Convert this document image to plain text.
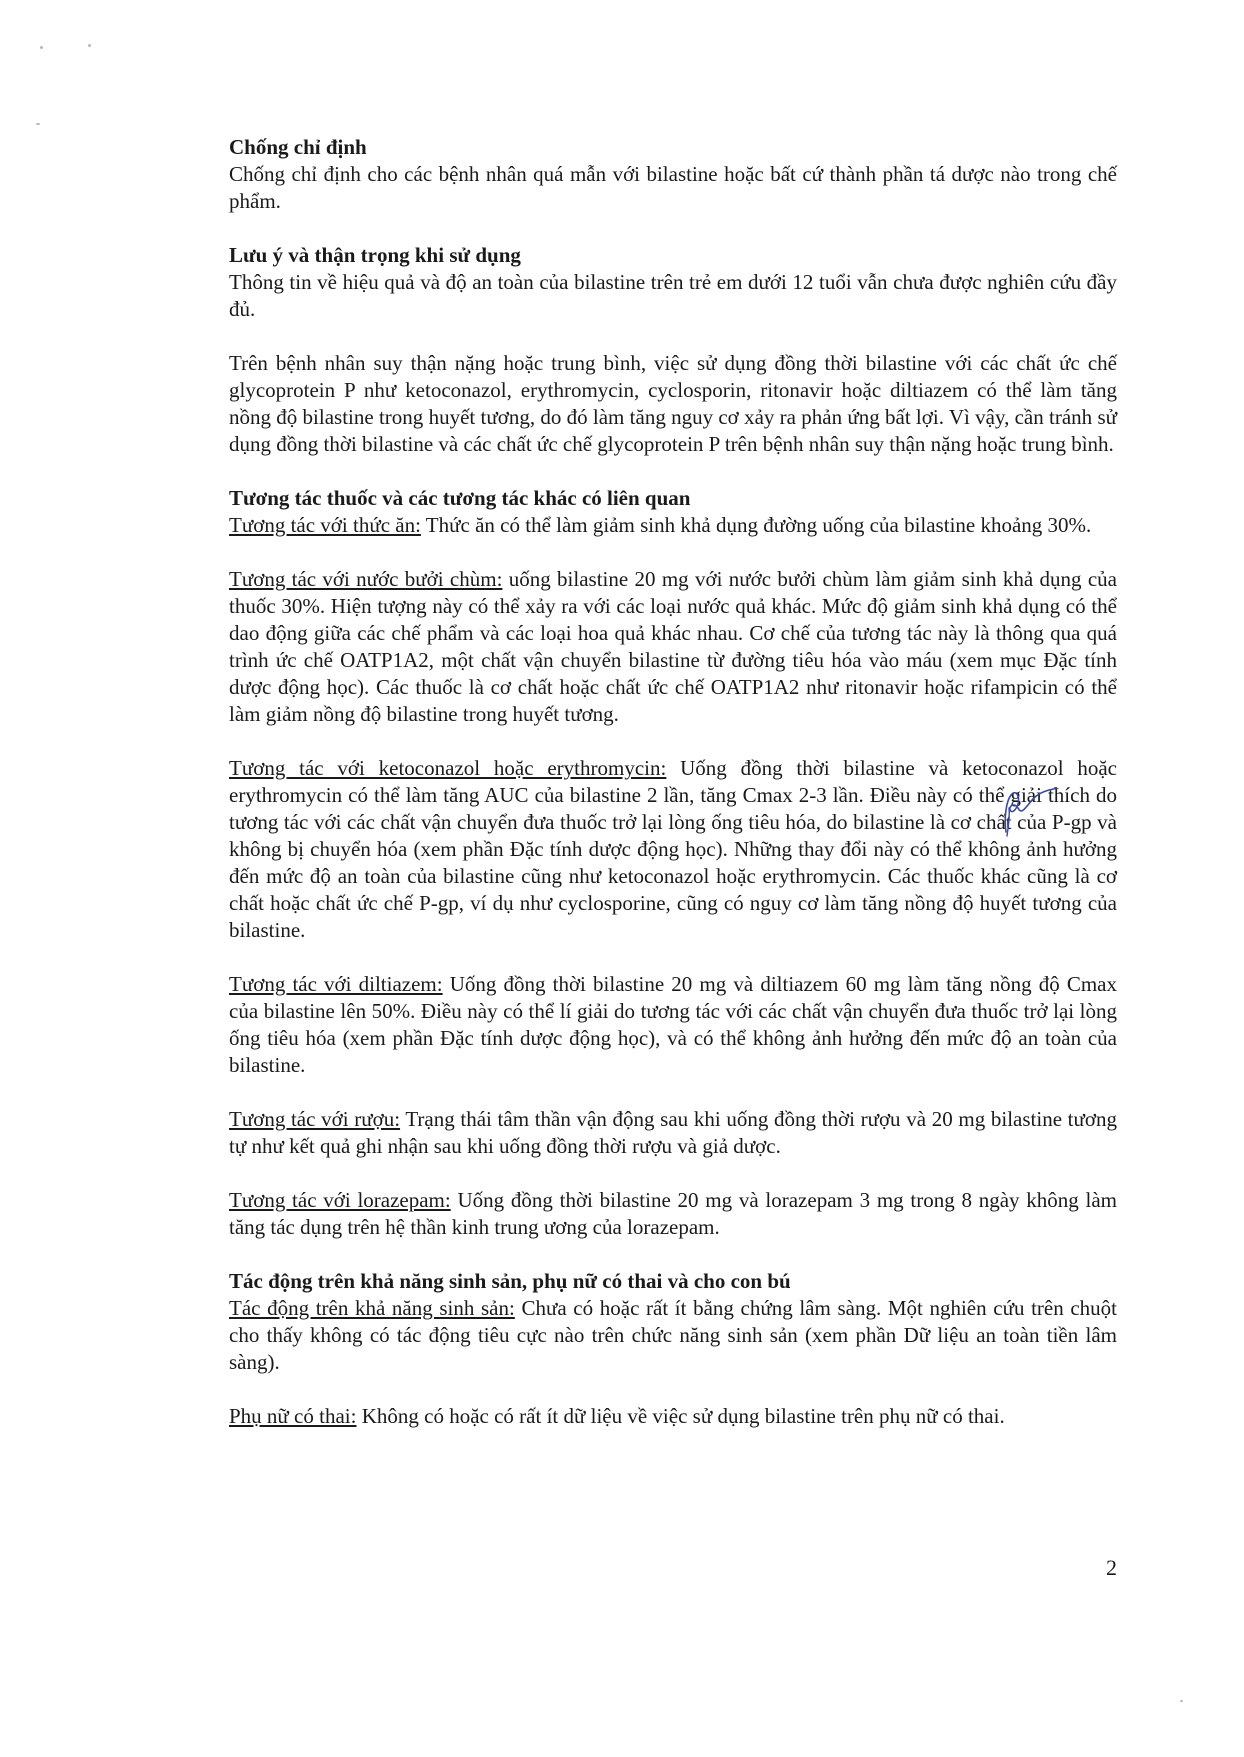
Chống chỉ định

Chống chỉ định cho các bệnh nhân quá mẫn với bilastine hoặc bất cứ thành phần tá dược nào trong chế phẩm.

Lưu ý và thận trọng khi sử dụng

Thông tin về hiệu quả và độ an toàn của bilastine trên trẻ em dưới 12 tuổi vẫn chưa được nghiên cứu đầy đủ.

Trên bệnh nhân suy thận nặng hoặc trung bình, việc sử dụng đồng thời bilastine với các chất ức chế glycoprotein P như ketoconazol, erythromycin, cyclosporin, ritonavir hoặc diltiazem có thể làm tăng nồng độ bilastine trong huyết tương, do đó làm tăng nguy cơ xảy ra phản ứng bất lợi. Vì vậy, cần tránh sử dụng đồng thời bilastine và các chất ức chế glycoprotein P trên bệnh nhân suy thận nặng hoặc trung bình.

Tương tác thuốc và các tương tác khác có liên quan

Tương tác với thức ăn: Thức ăn có thể làm giảm sinh khả dụng đường uống của bilastine khoảng 30%.

Tương tác với nước bưởi chùm: uống bilastine 20 mg với nước bưởi chùm làm giảm sinh khả dụng của thuốc 30%. Hiện tượng này có thể xảy ra với các loại nước quả khác. Mức độ giảm sinh khả dụng có thể dao động giữa các chế phẩm và các loại hoa quả khác nhau. Cơ chế của tương tác này là thông qua quá trình ức chế OATP1A2, một chất vận chuyển bilastine từ đường tiêu hóa vào máu (xem mục Đặc tính dược động học). Các thuốc là cơ chất hoặc chất ức chế OATP1A2 như ritonavir hoặc rifampicin có thể làm giảm nồng độ bilastine trong huyết tương.

Tương tác với ketoconazol hoặc erythromycin: Uống đồng thời bilastine và ketoconazol hoặc erythromycin có thể làm tăng AUC của bilastine 2 lần, tăng Cmax 2-3 lần. Điều này có thể giải thích do tương tác với các chất vận chuyển đưa thuốc trở lại lòng ống tiêu hóa, do bilastine là cơ chất của P-gp và không bị chuyển hóa (xem phần Đặc tính dược động học). Những thay đổi này có thể không ảnh hưởng đến mức độ an toàn của bilastine cũng như ketoconazol hoặc erythromycin. Các thuốc khác cũng là cơ chất hoặc chất ức chế P-gp, ví dụ như cyclosporine, cũng có nguy cơ làm tăng nồng độ huyết tương của bilastine.

Tương tác với diltiazem: Uống đồng thời bilastine 20 mg và diltiazem 60 mg làm tăng nồng độ Cmax của bilastine lên 50%. Điều này có thể lí giải do tương tác với các chất vận chuyển đưa thuốc trở lại lòng ống tiêu hóa (xem phần Đặc tính dược động học), và có thể không ảnh hưởng đến mức độ an toàn của bilastine.

Tương tác với rượu: Trạng thái tâm thần vận động sau khi uống đồng thời rượu và 20 mg bilastine tương tự như kết quả ghi nhận sau khi uống đồng thời rượu và giả dược.

Tương tác với lorazepam: Uống đồng thời bilastine 20 mg và lorazepam 3 mg trong 8 ngày không làm tăng tác dụng trên hệ thần kinh trung ương của lorazepam.

Tác động trên khả năng sinh sản, phụ nữ có thai và cho con bú

Tác động trên khả năng sinh sản: Chưa có hoặc rất ít bằng chứng lâm sàng. Một nghiên cứu trên chuột cho thấy không có tác động tiêu cực nào trên chức năng sinh sản (xem phần Dữ liệu an toàn tiền lâm sàng).

Phụ nữ có thai: Không có hoặc có rất ít dữ liệu về việc sử dụng bilastine trên phụ nữ có thai.

2
